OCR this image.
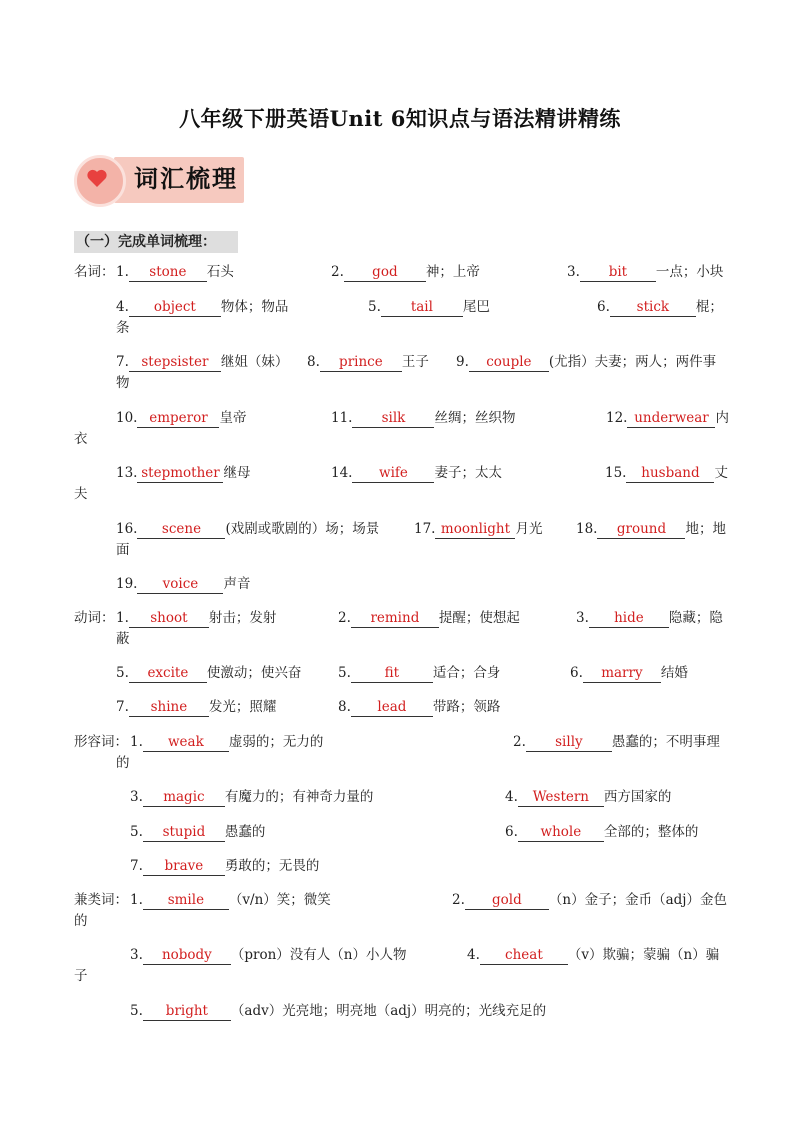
八年级下册英语Unit 6知识点与语法精讲精练
词汇梳理
（一）完成单词梳理：
名词： 1. stone 石头	2. god 神；上帝	3. bit 一点；小块
4. object 物体；物品	5. tail 尾巴	6. stick 棍；
条
7. stepsister 继姐（妹） 8. prince 王子 9. couple (尤指）夫妻；两人；两件事
物
10. emperor 皇帝	11. silk 丝绸；丝织物	12. underwear 内
衣
13. stepmother 继母	14. wife 妻子；太太	15. husband 丈
夫
16. scene (戏剧或歌剧的）场；场景	17. moonlight 月光 18. ground 地；地
面
19. voice 声音
动词： 1. shoot 射击；发射	2. remind 提醒；使想起	3. hide 隐藏；隐
蔽
5. excite 使激动；使兴奋	5.	fit	适合；合身	6. marry 结婚
7. shine 发光；照耀	8. lead 带路；领路
形容词： 1. weak 虚弱的；无力的	2. silly 愚蠢的；不明事理
的
3. magic 有魔力的；有神奇力量的	4. Western 西方国家的
5. stupid 愚蠢的	6. whole 全部的；整体的
7. brave 勇敢的；无畏的
兼类词： 1. smile （v/n）笑；微笑	2. gold （n）金子；金币（adj）金色
的
3. nobody （pron）没有人（n）小人物	4. cheat （v）欺骗；蒙骗（n）骗
子
5. bright （adv）光亮地；明亮地（adj）明亮的；光线充足的
